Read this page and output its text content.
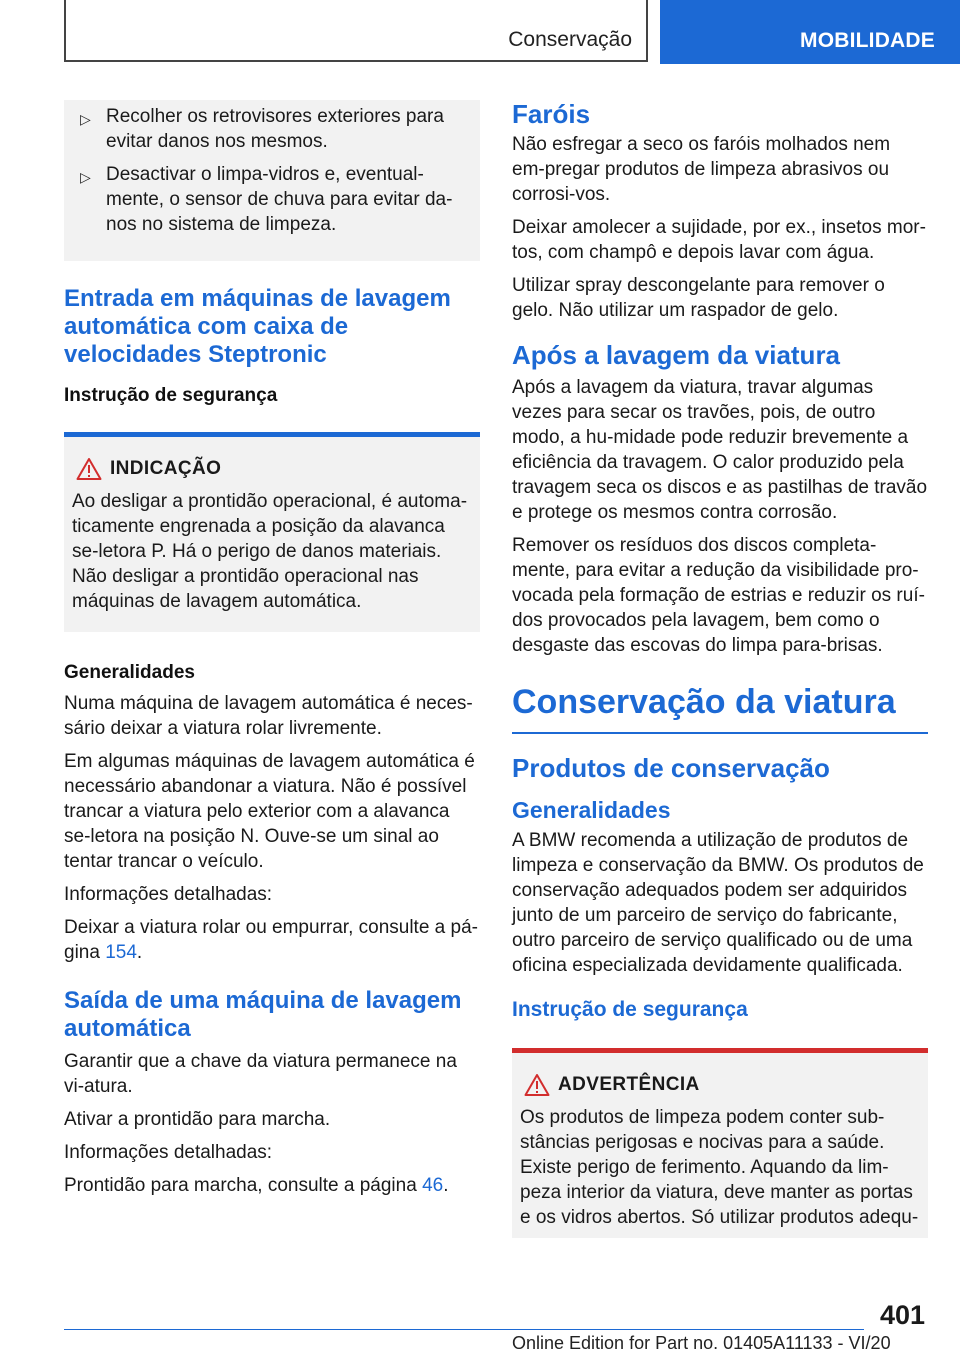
Conservação	MOBILIDADE
▷ Recolher os retrovisores exteriores para evitar danos nos mesmos.
▷ Desactivar o limpa-vidros e, eventual-mente, o sensor de chuva para evitar da-nos no sistema de limpeza.
Entrada em máquinas de lavagem automática com caixa de velocidades Steptronic
Instrução de segurança
INDICAÇÃO

Ao desligar a prontidão operacional, é automa-ticamente engrenada a posição da alavanca se-letora P. Há o perigo de danos materiais. Não desligar a prontidão operacional nas máquinas de lavagem automática.

Generalidades

Numa máquina de lavagem automática é neces-sário deixar a viatura rolar livremente.

Em algumas máquinas de lavagem automática é necessário abandonar a viatura. Não é possível trancar a viatura pelo exterior com a alavanca se-letora na posição N. Ouve-se um sinal ao tentar trancar o veículo.

Informações detalhadas:

Deixar a viatura rolar ou empurrar, consulte a pá-gina 154.

Saída de uma máquina de lavagem automática

Garantir que a chave da viatura permanece na vi-atura.

Ativar a prontidão para marcha.

Informações detalhadas:

Prontidão para marcha, consulte a página 46.

Faróis

Não esfregar a seco os faróis molhados nem em-pregar produtos de limpeza abrasivos ou corrosi-vos.

Deixar amolecer a sujidade, por ex., insetos mor-tos, com champô e depois lavar com água.

Utilizar spray descongelante para remover o gelo. Não utilizar um raspador de gelo.

Após a lavagem da viatura

Após a lavagem da viatura, travar algumas vezes para secar os travões, pois, de outro modo, a hu-midade pode reduzir brevemente a eficiência da travagem. O calor produzido pela travagem seca os discos e as pastilhas de travão e protege os mesmos contra corrosão.

Remover os resíduos dos discos completa-mente, para evitar a redução da visibilidade pro-vocada pela formação de estrias e reduzir os ruí-dos provocados pela lavagem, bem como o desgaste das escovas do limpa para-brisas.

Conservação da viatura
Produtos de conservação
Generalidades

A BMW recomenda a utilização de produtos de limpeza e conservação da BMW. Os produtos de conservação adequados podem ser adquiridos junto de um parceiro de serviço do fabricante, outro parceiro de serviço qualificado ou de uma oficina especializada devidamente qualificada.

Instrução de segurança
ADVERTÊNCIA

Os produtos de limpeza podem conter sub-stâncias perigosas e nocivas para a saúde. Existe perigo de ferimento. Aquando da lim-peza interior da viatura, deve manter as portas e os vidros abertos. Só utilizar produtos adequ-

401
Online Edition for Part no. 01405A11133 - VI/20
